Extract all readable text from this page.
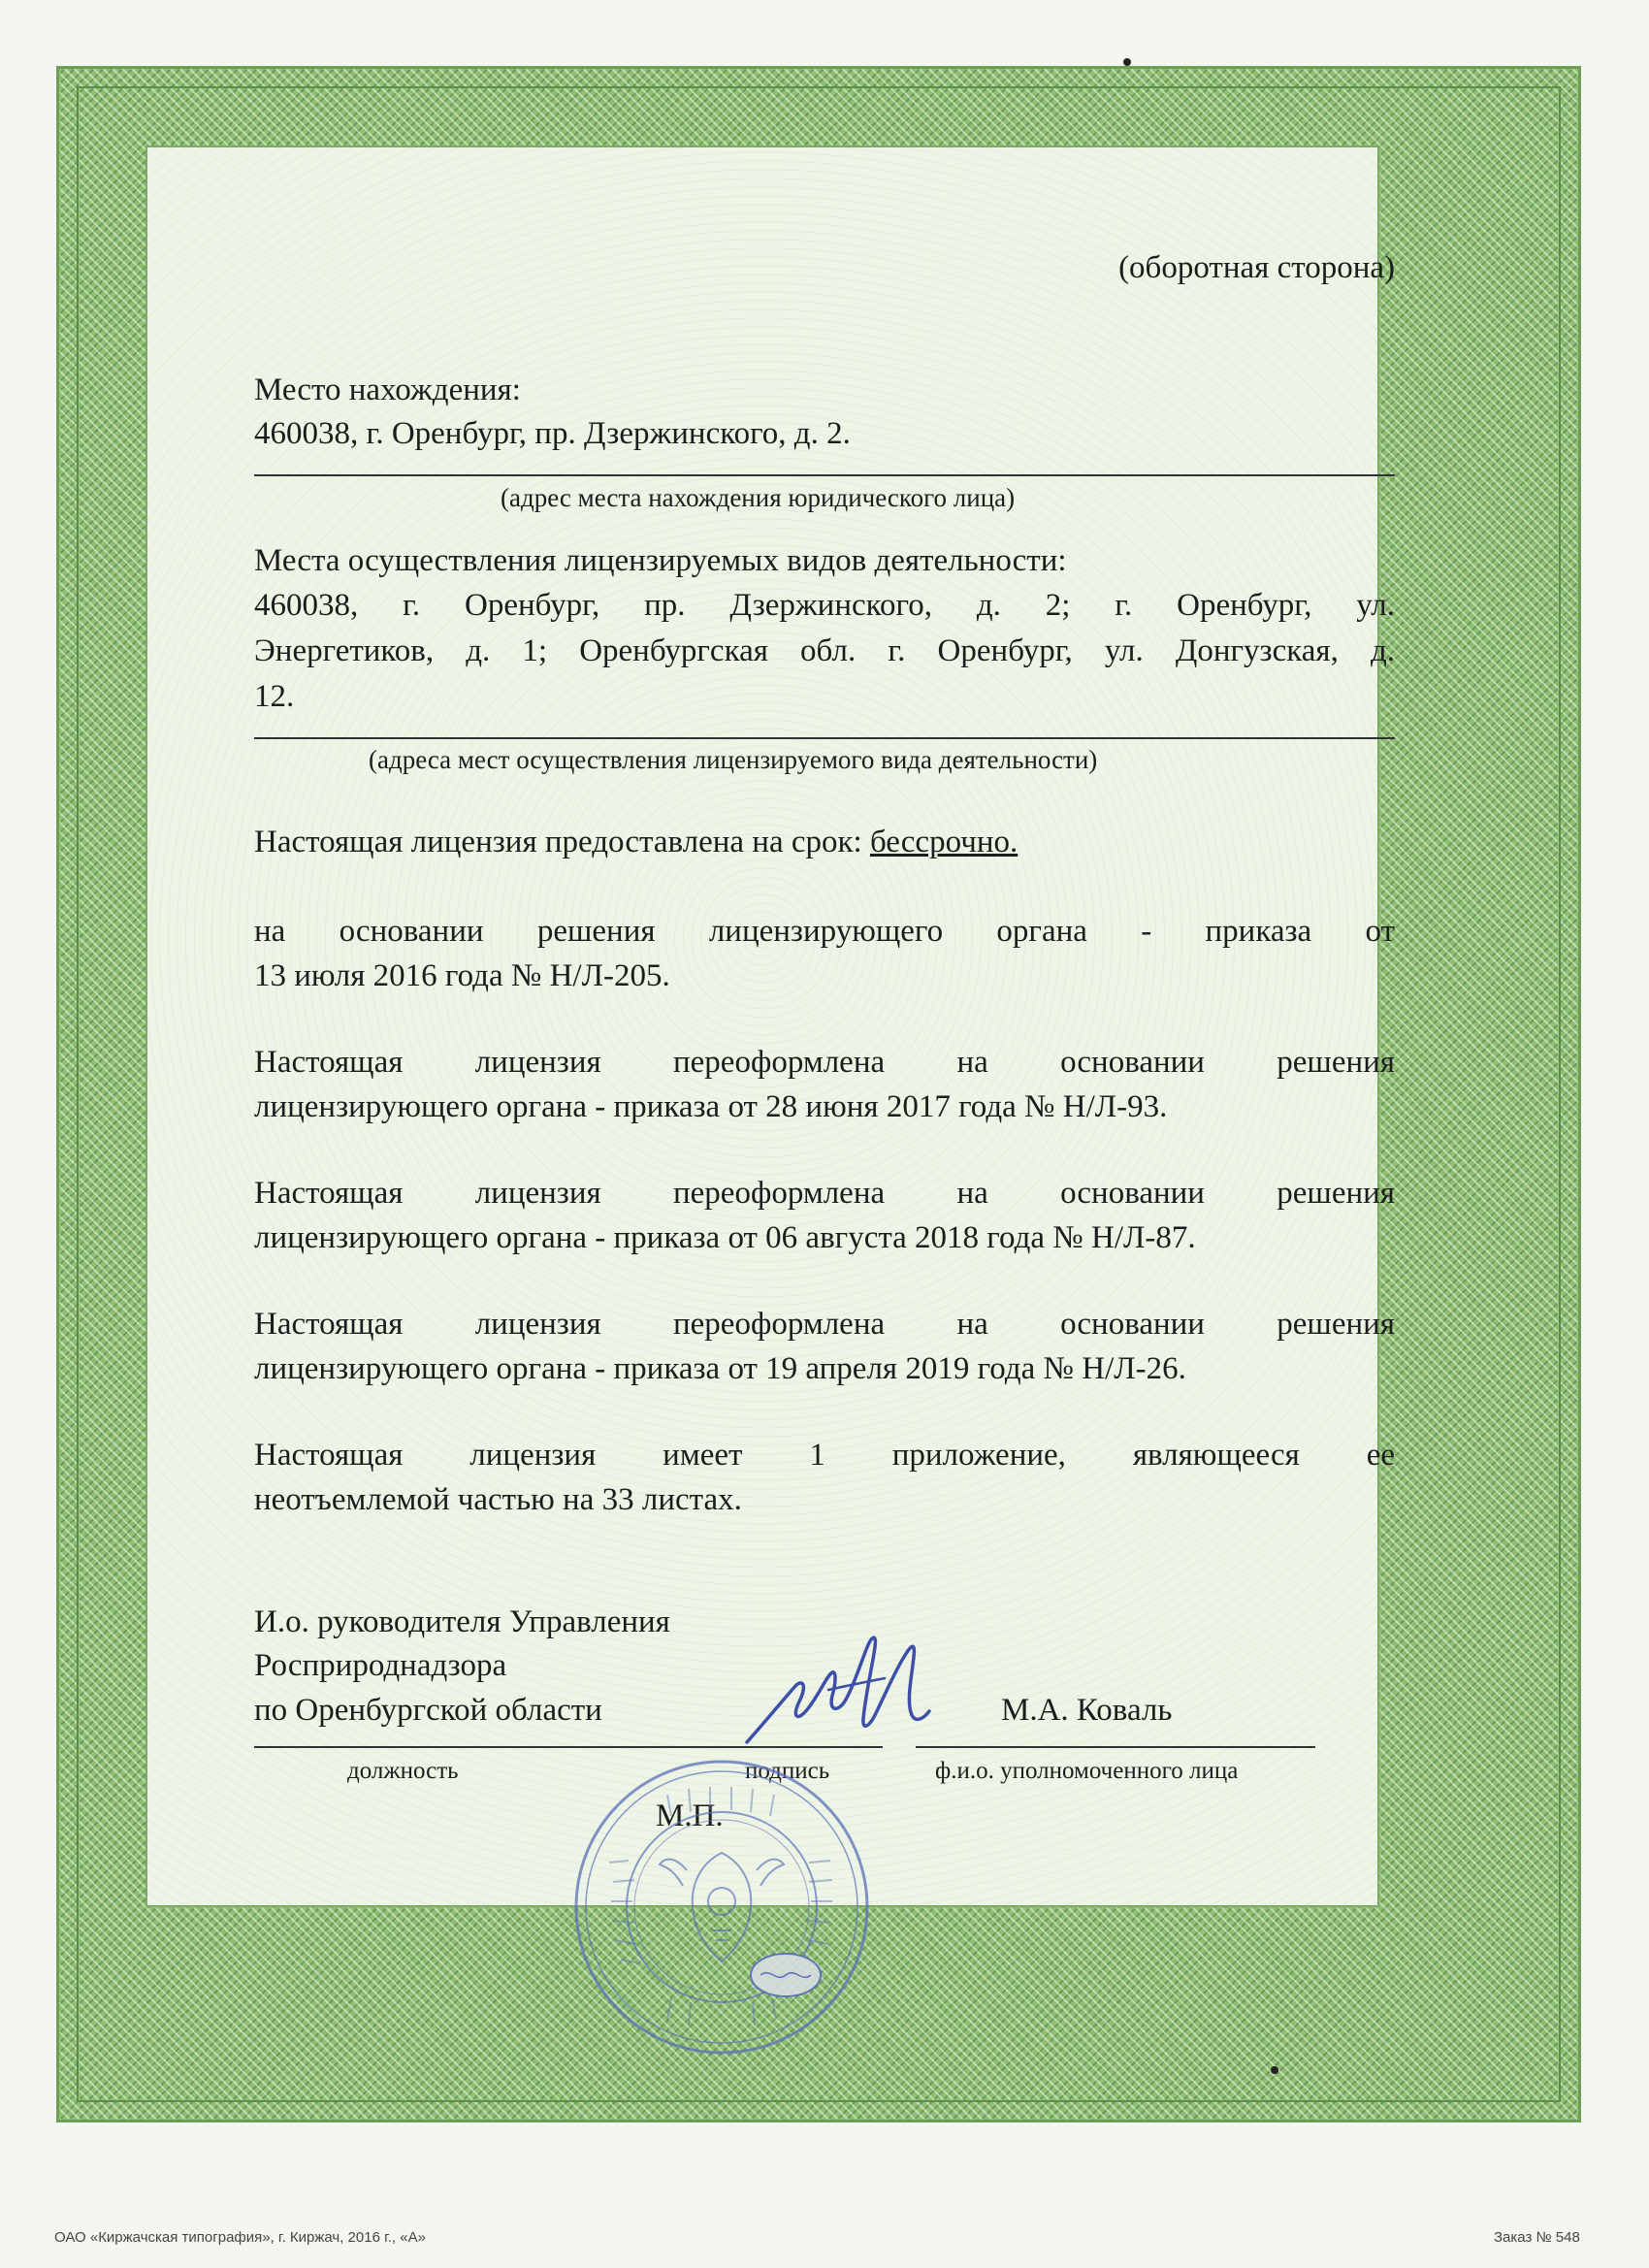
(оборотная сторона)
Место нахождения:
460038, г. Оренбург, пр. Дзержинского, д. 2.
(адрес места нахождения юридического лица)
Места осуществления лицензируемых видов деятельности:
460038, г. Оренбург, пр. Дзержинского, д. 2; г. Оренбург, ул.
Энергетиков, д. 1; Оренбургская обл. г. Оренбург, ул. Донгузская, д.
12.
(адреса мест осуществления лицензируемого вида деятельности)
Настоящая лицензия предоставлена на срок: бессрочно.
на основании решения лицензирующего органа - приказа от
13 июля 2016 года № Н/Л-205.
Настоящая лицензия переоформлена на основании решения
лицензирующего органа - приказа от 28 июня 2017 года № Н/Л-93.
Настоящая лицензия переоформлена на основании решения
лицензирующего органа - приказа от 06 августа 2018 года № Н/Л-87.
Настоящая лицензия переоформлена на основании решения
лицензирующего органа - приказа от 19 апреля 2019 года № Н/Л-26.
Настоящая лицензия имеет 1 приложение, являющееся ее
неотъемлемой частью на 33 листах.
И.о. руководителя Управления
Росприроднадзора
по Оренбургской области	М.А. Коваль
должность	подпись	ф.и.о. уполномоченного лица
М.П.
ОАО «Киржачская типография», г. Киржач, 2016 г., «А»	Заказ № 548
